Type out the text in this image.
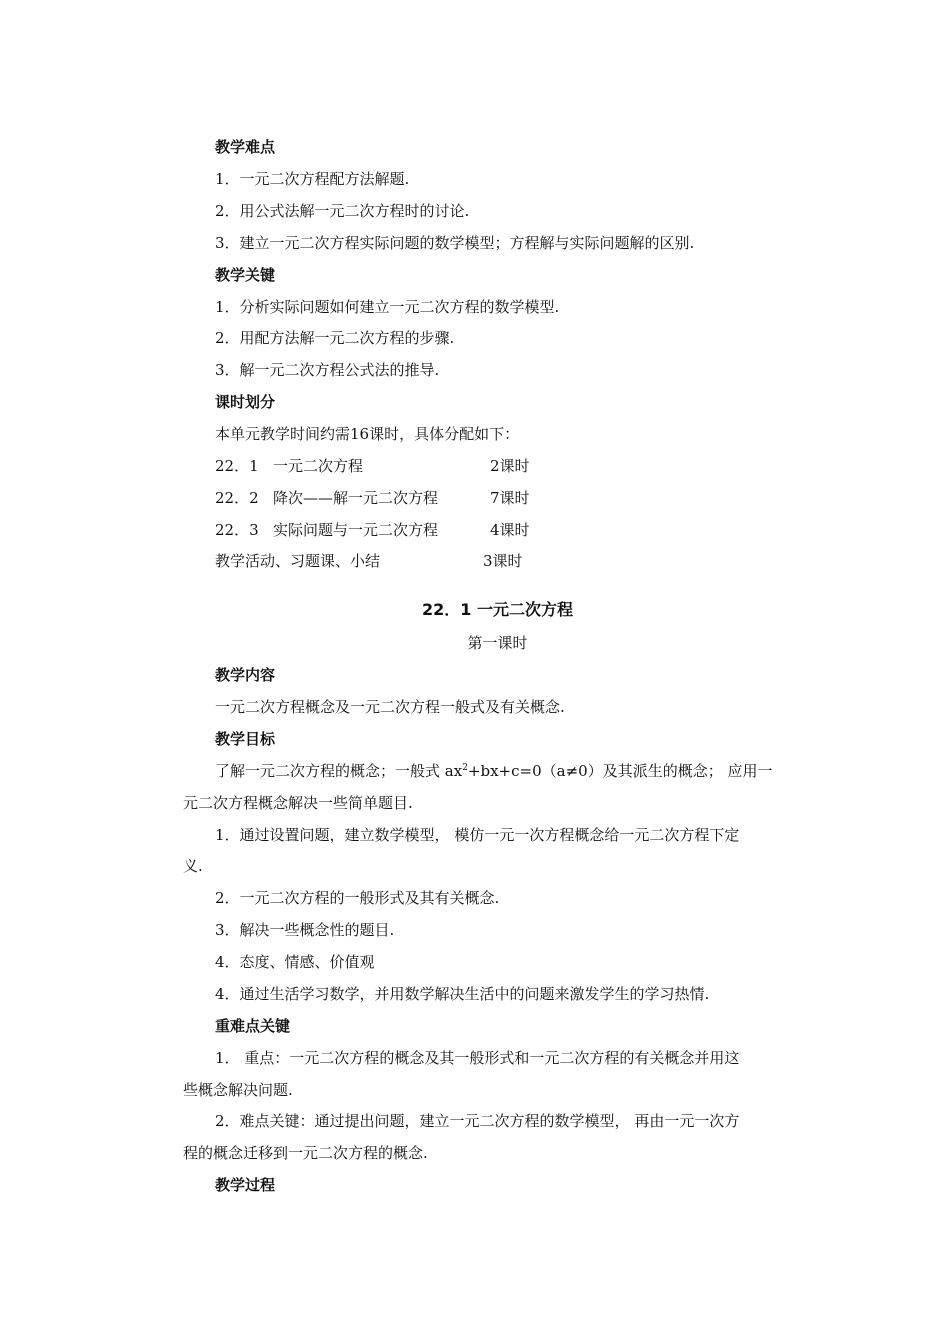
教学难点
1．一元二次方程配方法解题.
2．用公式法解一元二次方程时的讨论.
3．建立一元二次方程实际问题的数学模型；方程解与实际问题解的区别.
教学关键
1．分析实际问题如何建立一元二次方程的数学模型.
2．用配方法解一元二次方程的步骤.
3．解一元二次方程公式法的推导.
课时划分
本单元教学时间约需16课时，具体分配如下：
22．1 一元二次方程	2课时
22．2 降次——解一元二次方程	7课时
22．3 实际问题与一元二次方程	4课时
教学活动、习题课、小结	3课时
22．1 一元二次方程
第一课时
教学内容
一元二次方程概念及一元二次方程一般式及有关概念.
教学目标
了解一元二次方程的概念；一般式 $ax^2+bx+c=0(a\ne 0)$及其派生的概念； 应用一
元二次方程概念解决一些简单题目.
1．通过设置问题，建立数学模型， 模仿一元一次方程概念给一元二次方程下定
义.
2．一元二次方程的一般形式及其有关概念.
3．解决一些概念性的题目.
4．态度、情感、价值观
4．通过生活学习数学，并用数学解决生活中的问题来激发学生的学习热情.
重难点关键
1． 重点：一元二次方程的概念及其一般形式和一元二次方程的有关概念并用这
些概念解决问题.
2．难点关键：通过提出问题，建立一元二次方程的数学模型， 再由一元一次方
程的概念迁移到一元二次方程的概念.
教学过程
